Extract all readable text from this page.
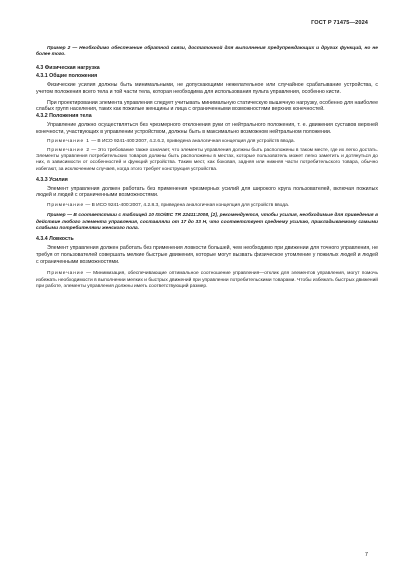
ГОСТ Р 71475—2024

Пример 2 — Необходимо обеспечение обратной связи, достаточной для выполнения предупреждающих и других функций, но не более того.

4.3 Физическая нагрузка

4.3.1 Общие положения

Физические усилия должны быть минимальными, не допускающими нежелательное или случайное срабатывание устройства, с учетом положения всего тела и той части тела, которая необходима для использования пульта управления, особенно кисти.

При проектировании элемента управления следует учитывать минимальную статическую вышечную нагрузку, особенно для наиболее слабых групп населения, таких как пожилые женщины и лица с ограниченными возможностями верхних конечностей.

4.3.2 Положения тела

Управление должно осуществляться без чрезмерного отклонения руки от нейтрального положения, т. е. движения суставов верхней конечности, участвующих в управлении устройством, должны быть в максимально возможном нейтральном положении.

Примечание 1 — В ИСО 9241-400:2007, 4.2.6.2, приведена аналогичная концепция для устройств ввода.

Примечание 2 — Это требование также означает, что элементы управления должны быть расположены в таком месте, где их легко достать. Элементы управления потребительских товаров должны быть расположены в местах, которые пользователь может легко заметить и дотянуться до них, в зависимости от особенностей и функций устройства. Таким мест, как боковая, задняя или нижняя части потребительского товара, обычно избегают, за исключением случаев, когда этого требует конструкция устройства.

4.3.3 Усилия

Элемент управления должен работать без применения чрезмерных усилий для широкого круга пользователей, включая пожилых людей и людей с ограниченными возможностями.

Примечание — В ИСО 9241-400:2007, 4.2.8.3, приведена аналогичная концепция для устройств ввода.

Пример — В соответствии с таблицей 10 ISO/IEC TR 22411:2008, [2], рекомендуется, чтобы усилия, необходимые для приведения в действие любого элемента управления, составляли от 17 до 33 Н, что соответствует среднему усилию, прикладываемому самыми слабыми потребителями женского пола.

4.3.4 Ловкость

Элемент управления должен работать без применения ловкости большей, чем необходимо при движении для точного управления, не требуя от пользователей совершать мелкие быстрые движения, которые могут вызвать физическое утомление у пожилых людей и людей с ограниченными возможностями.

Примечание — Минимизация, обеспечивающие оптимальное соотношение управления—отклик для элементов управления, могут помочь избежать необходимости в выполнении мелких и быстрых движений при управлении потребительскими товарами. Чтобы избежать быстрых движений при работе, элементы управления должны иметь соответствующий размер.

7
